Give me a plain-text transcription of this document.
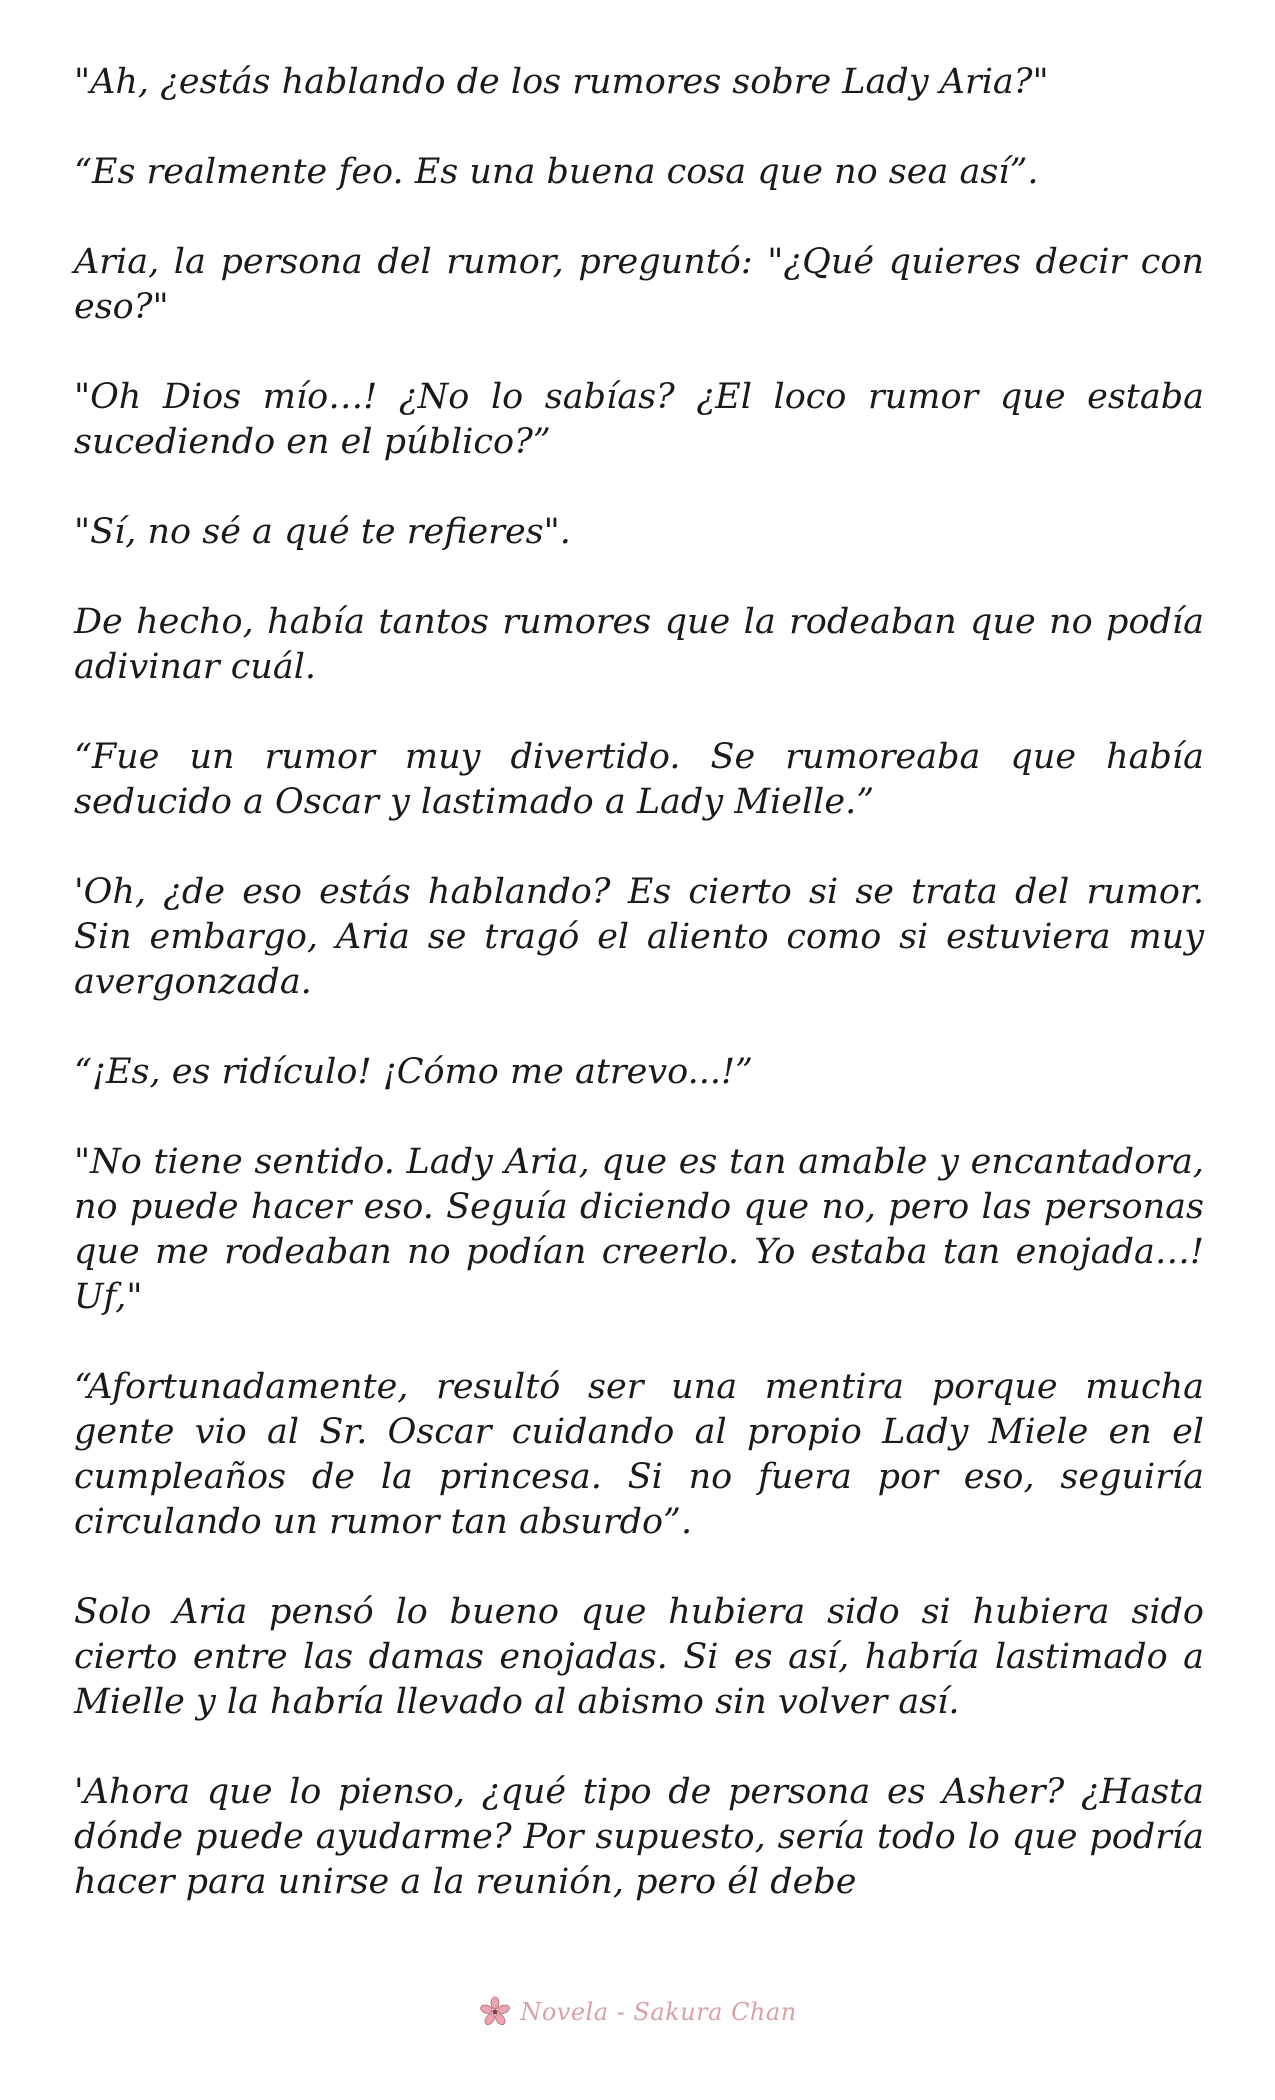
"Ah, ¿estás hablando de los rumores sobre Lady Aria?"

“Es realmente feo. Es una buena cosa que no sea así”.

Aria, la persona del rumor, preguntó: "¿Qué quieres decir con eso?"

"Oh Dios mío…! ¿No lo sabías? ¿El loco rumor que estaba sucediendo en el público?”

"Sí, no sé a qué te refieres".

De hecho, había tantos rumores que la rodeaban que no podía adivinar cuál.

“Fue un rumor muy divertido. Se rumoreaba que había seducido a Oscar y lastimado a Lady Mielle.”

'Oh, ¿de eso estás hablando? Es cierto si se trata del rumor. Sin embargo, Aria se tragó el aliento como si estuviera muy avergonzada.

“¡Es, es ridículo! ¡Cómo me atrevo...!”

"No tiene sentido. Lady Aria, que es tan amable y encantadora, no puede hacer eso. Seguía diciendo que no, pero las personas que me rodeaban no podían creerlo. Yo estaba tan enojada…! Uf,"

“Afortunadamente, resultó ser una mentira porque mucha gente vio al Sr. Oscar cuidando al propio Lady Miele en el cumpleaños de la princesa. Si no fuera por eso, seguiría circulando un rumor tan absurdo”.

Solo Aria pensó lo bueno que hubiera sido si hubiera sido cierto entre las damas enojadas. Si es así, habría lastimado a Mielle y la habría llevado al abismo sin volver así.

'Ahora que lo pienso, ¿qué tipo de persona es Asher? ¿Hasta dónde puede ayudarme? Por supuesto, sería todo lo que podría hacer para unirse a la reunión, pero él debe

Novela - Sakura Chan
